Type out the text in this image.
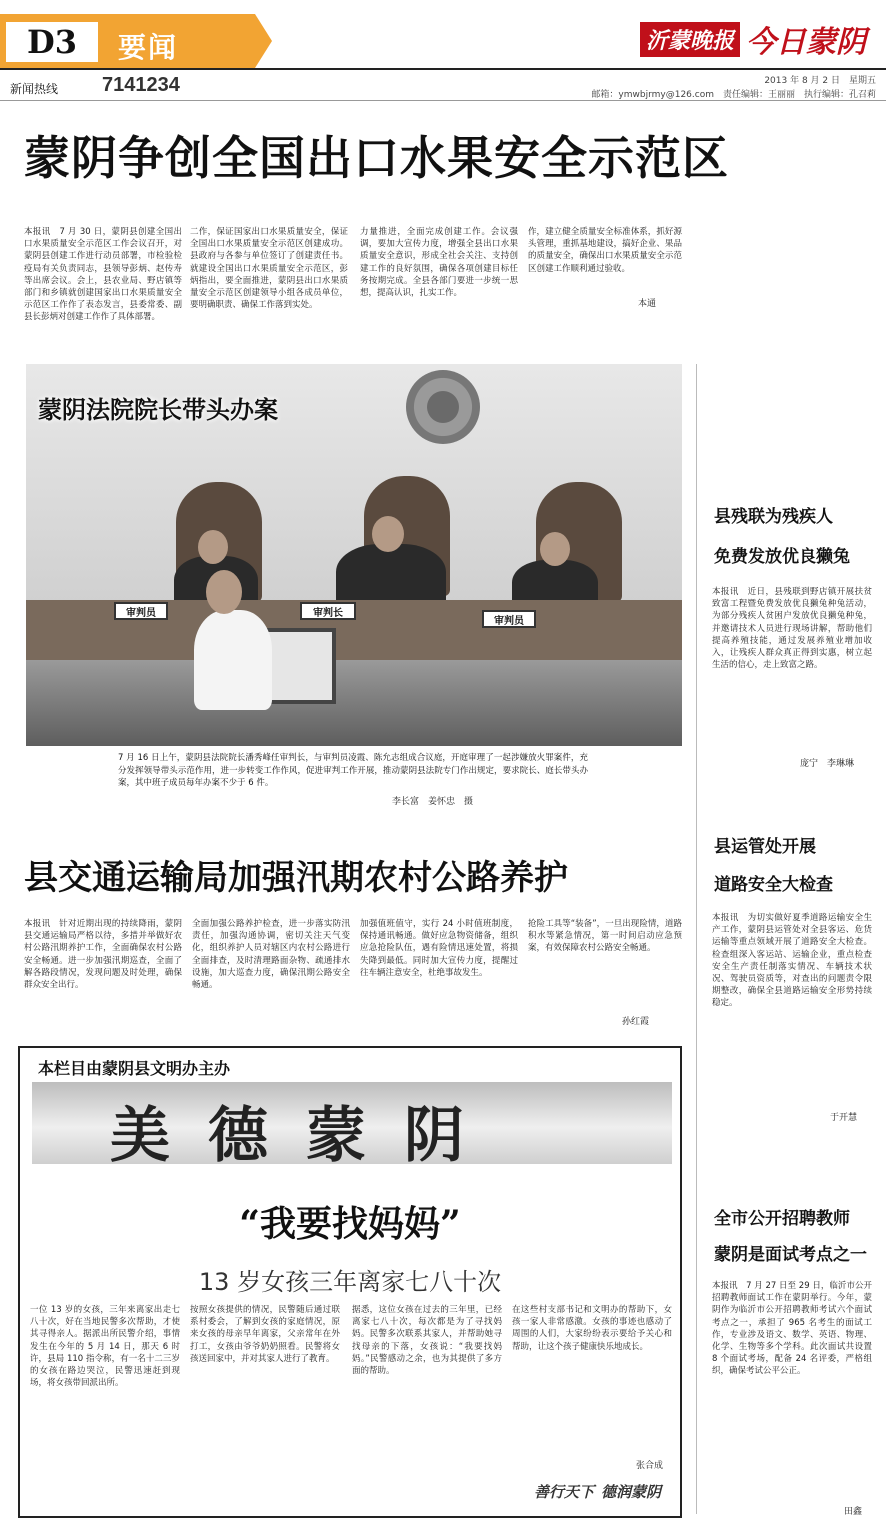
D3	要闻	沂蒙晚报 今日蒙阴
新闻热线 7141234	2013 年 8 月 2 日　星期五
邮箱：ymwbjrmy@126.com　责任编辑：王丽丽　执行编辑：孔召莉
蒙阴争创全国出口水果安全示范区
本报讯　7 月 30 日，蒙阴县创建全国出口水果质量安全示范区工作会议召开，对蒙阴县创建工作进行动员部署，市检验检疫局有关负责同志，县领导彭炳、赵传寿等出席会议。会上，县农业局、野店镇等部门和乡镇就创建国家出口水果质量安全示范区工作作了表态发言，县委常委、副县长彭炳对创建工作作了具体部署。
二作，保证国家出口水果质量安全，保证全国出口水果质量安全示范区创建成功。县政府与各参与单位签订了创建责任书。就建设全国出口水果质量安全示范区，彭炳指出，要全面推进，蒙阴县出口水果质量安全示范区创建领导小组各成员单位，要明确职责、确保工作落到实处。
力量推进，全面完成创建工作。会议强调，要加大宣传力度，增强全县出口水果质量安全意识，形成全社会关注、支持创建工作的良好氛围，确保各项创建目标任务按期完成。全县各部门要进一步统一思想，提高认识，扎实工作。
作，建立健全质量安全标准体系，抓好源头管理，重抓基地建设，搞好企业、果品的质量安全，确保出口水果质量安全示范区创建工作顺利通过验收。
本通
审判员	审判长
审判员
蒙阴法院院长带头办案
7 月 16 日上午，蒙阴县法院院长潘秀峰任审判长，与审判员凌霞、陈允志组成合议庭，开庭审理了一起涉嫌放火罪案件，充分发挥领导带头示范作用，进一步转变工作作风，促进审判工作开展，推动蒙阴县法院专门作出规定，要求院长、庭长带头办案，其中班子成员每年办案不少于 6 件。
李长富　姜怀忠　摄
县残联为残疾人
免费发放优良獭兔
本报讯　近日，县残联到野店镇开展扶贫致富工程暨免费发放优良獭兔种兔活动，为部分残疾人贫困户发放优良獭兔种兔，并邀请技术人员进行现场讲解，帮助他们提高养殖技能，通过发展养殖业增加收入，让残疾人群众真正得到实惠，树立起生活的信心，走上致富之路。
庞宁　李琳琳
县运管处开展
道路安全大检查
本报讯　为切实做好夏季道路运输安全生产工作，蒙阴县运管处对全县客运、危货运输等重点领域开展了道路安全大检查。检查组深入客运站、运输企业，重点检查安全生产责任制落实情况、车辆技术状况、驾驶员资质等，对查出的问题责令限期整改，确保全县道路运输安全形势持续稳定。
于开慧
全市公开招聘教师
蒙阴是面试考点之一
本报讯　7 月 27 日至 29 日，临沂市公开招聘教师面试工作在蒙阴举行。今年，蒙阴作为临沂市公开招聘教师考试六个面试考点之一，承担了 965 名考生的面试工作，专业涉及语文、数学、英语、物理、化学、生物等多个学科。此次面试共设置 8 个面试考场，配备 24 名评委，严格组织，确保考试公平公正。
田鑫
县交通运输局加强汛期农村公路养护
本报讯　针对近期出现的持续降雨，蒙阴县交通运输局严格以待，多措并举做好农村公路汛期养护工作，全面确保农村公路安全畅通。进一步加强汛期巡查，全面了解各路段情况，发现问题及时处理，确保群众安全出行。
全面加强公路养护检查，进一步落实防汛责任，加强沟通协调，密切关注天气变化，组织养护人员对辖区内农村公路进行全面排查，及时清理路面杂物、疏通排水设施，加大巡查力度，确保汛期公路安全畅通。
加强值班值守，实行 24 小时值班制度，保持通讯畅通。做好应急物资储备，组织应急抢险队伍，遇有险情迅速处置，将损失降到最低。同时加大宣传力度，提醒过往车辆注意安全，杜绝事故发生。
抢险工具等“装备”，一旦出现险情，道路积水等紧急情况，第一时间启动应急预案，有效保障农村公路安全畅通。
孙红霞
本栏目由蒙阴县文明办主办
美德蒙阴
“我要找妈妈”
13 岁女孩三年离家七八十次
一位 13 岁的女孩，三年来离家出走七八十次，好在当地民警多次帮助，才使其寻得亲人。据派出所民警介绍，事情发生在今年的 5 月 14 日，那天 6 时许，县局 110 指令称，有一名十二三岁的女孩在路边哭泣，民警迅速赶到现场，将女孩带回派出所。
按照女孩提供的情况，民警随后通过联系村委会，了解到女孩的家庭情况，原来女孩的母亲早年离家，父亲常年在外打工，女孩由爷爷奶奶照看。民警将女孩送回家中，并对其家人进行了教育。
据悉，这位女孩在过去的三年里，已经离家七八十次，每次都是为了寻找妈妈。民警多次联系其家人，并帮助她寻找母亲的下落，女孩说：“我要找妈妈。”民警感动之余，也为其提供了多方面的帮助。
在这些村支部书记和文明办的帮助下，女孩一家人非常感激。女孩的事迹也感动了周围的人们，大家纷纷表示要给予关心和帮助，让这个孩子健康快乐地成长。
张合成
善行天下 德润蒙阴
